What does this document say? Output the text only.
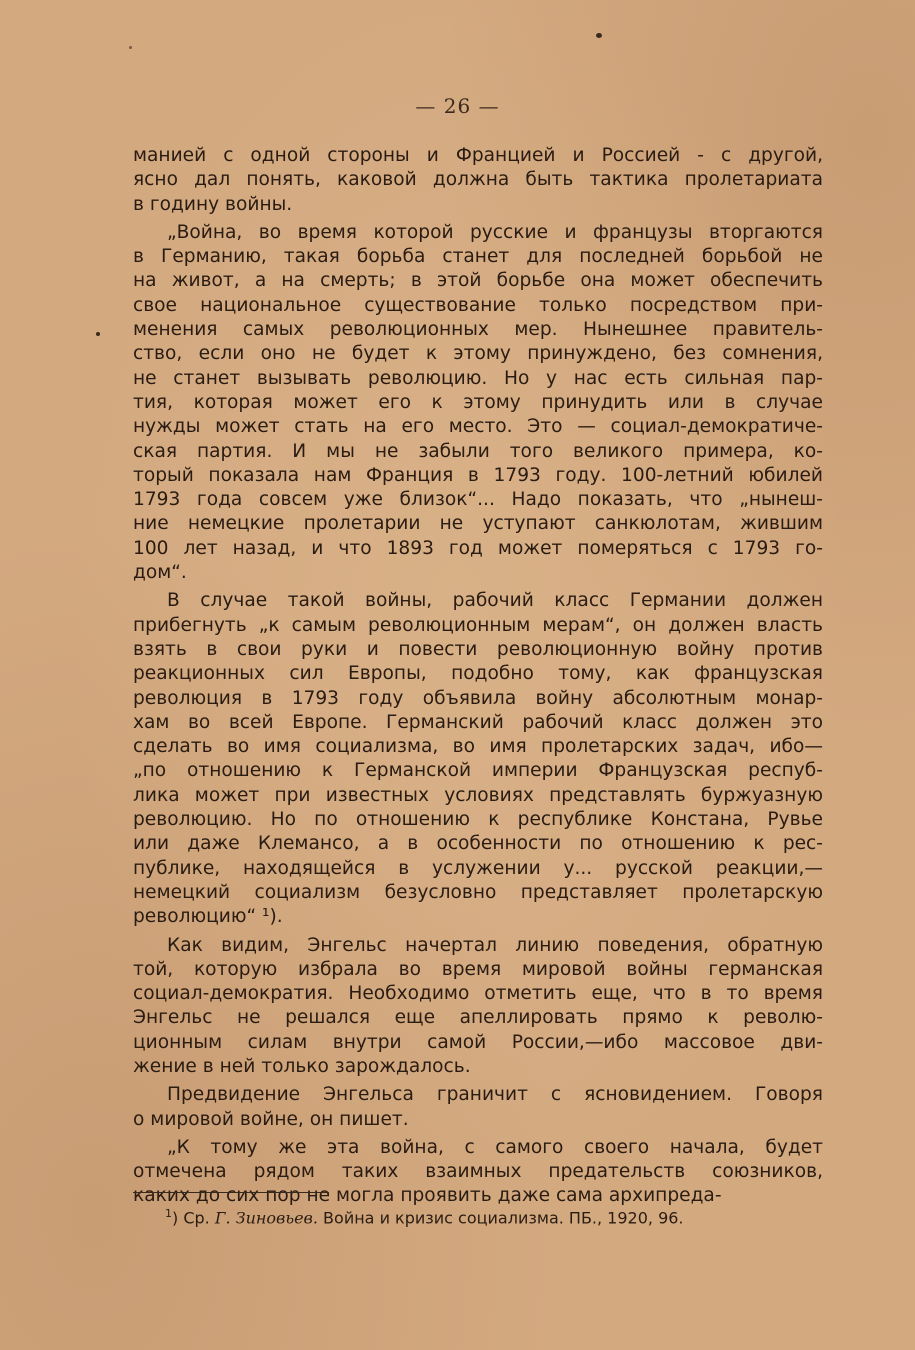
— 26 —
манией с одной стороны и Францией и Россией - с другой,
ясно дал понять, каковой должна быть тактика пролетариата
в годину войны.
„Война, во время которой русские и французы вторгаются
в Германию, такая борьба станет для последней борьбой не
на живот, а на смерть; в этой борьбе она может обеспечить
свое национальное существование только посредством при-
менения самых революционных мер. Нынешнее правитель-
ство, если оно не будет к этому принуждено, без сомнения,
не станет вызывать революцию. Но у нас есть сильная пар-
тия, которая может его к этому принудить или в случае
нужды может стать на его место. Это — социал-демократиче-
ская партия. И мы не забыли того великого примера, ко-
торый показала нам Франция в 1793 году. 100-летний юбилей
1793 года совсем уже близок“... Надо показать, что „нынеш-
ние немецкие пролетарии не уступают санкюлотам, жившим
100 лет назад, и что 1893 год может померяться с 1793 го-
дом“.
В случае такой войны, рабочий класс Германии должен
прибегнуть „к самым революционным мерам“, он должен власть
взять в свои руки и повести революционную войну против
реакционных сил Европы, подобно тому, как французская
революция в 1793 году объявила войну абсолютным монар-
хам во всей Европе. Германский рабочий класс должен это
сделать во имя социализма, во имя пролетарских задач, ибо—
„по отношению к Германской империи Французская респуб-
лика может при известных условиях представлять буржуазную
революцию. Но по отношению к республике Констана, Рувье
или даже Клемансо, а в особенности по отношению к рес-
публике, находящейся в услужении у... русской реакции,—
немецкий социализм безусловно представляет пролетарскую
революцию“ ¹).
Как видим, Энгельс начертал линию поведения, обратную
той, которую избрала во время мировой войны германская
социал-демократия. Необходимо отметить еще, что в то время
Энгельс не решался еще апеллировать прямо к револю-
ционным силам внутри самой России,—ибо массовое дви-
жение в ней только зарождалось.
Предвидение Энгельса граничит с ясновидением. Говоря
о мировой войне, он пишет.
„К тому же эта война, с самого своего начала, будет
отмечена рядом таких взаимных предательств союзников,
каких до сих пор не могла проявить даже сама архипреда-
$^1$) Ср. Г. Зиновьев. Война и кризис социализма. ПБ., 1920, 96.
